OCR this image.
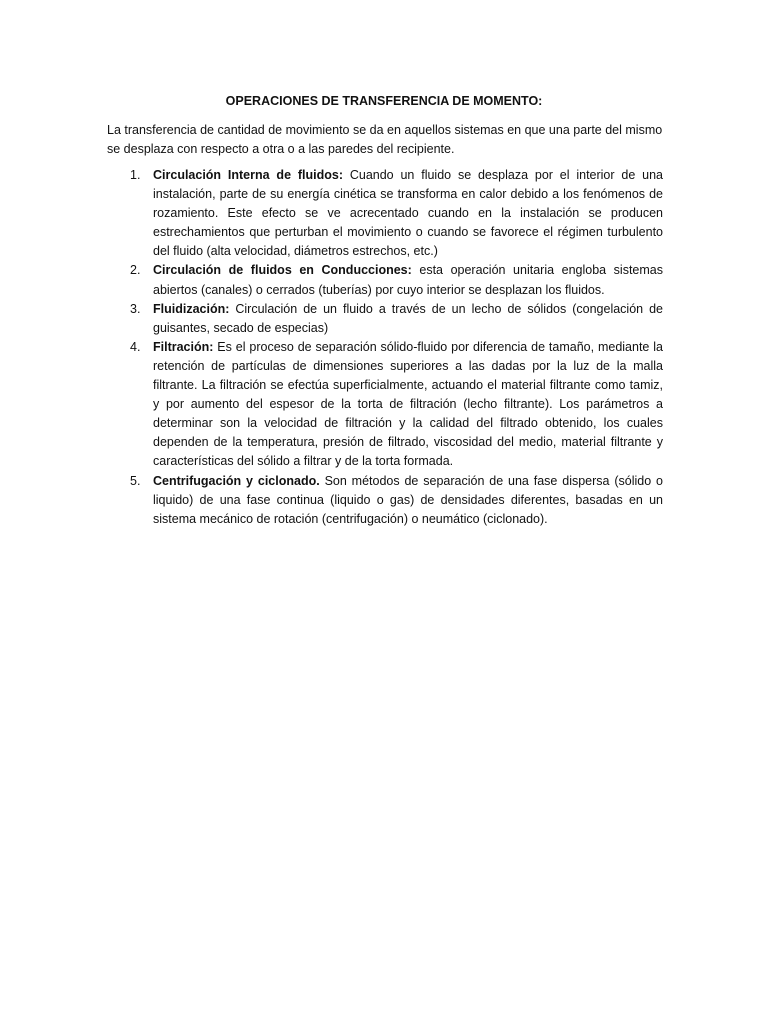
OPERACIONES DE TRANSFERENCIA DE MOMENTO:
La transferencia de cantidad de movimiento se da en aquellos sistemas en que una parte del mismo se desplaza con respecto a otra o a las paredes del recipiente.
1. Circulación Interna de fluidos: Cuando un fluido se desplaza por el interior de una instalación, parte de su energía cinética se transforma en calor debido a los fenómenos de rozamiento. Este efecto se ve acrecentado cuando en la instalación se producen estrechamientos que perturban el movimiento o cuando se favorece el régimen turbulento del fluido (alta velocidad, diámetros estrechos, etc.)
2. Circulación de fluidos en Conducciones: esta operación unitaria engloba sistemas abiertos (canales) o cerrados (tuberías) por cuyo interior se desplazan los fluidos.
3. Fluidización: Circulación de un fluido a través de un lecho de sólidos (congelación de guisantes, secado de especias)
4. Filtración: Es el proceso de separación sólido-fluido por diferencia de tamaño, mediante la retención de partículas de dimensiones superiores a las dadas por la luz de la malla filtrante. La filtración se efectúa superficialmente, actuando el material filtrante como tamiz, y por aumento del espesor de la torta de filtración (lecho filtrante). Los parámetros a determinar son la velocidad de filtración y la calidad del filtrado obtenido, los cuales dependen de la temperatura, presión de filtrado, viscosidad del medio, material filtrante y características del sólido a filtrar y de la torta formada.
5. Centrifugación y ciclonado. Son métodos de separación de una fase dispersa (sólido o liquido) de una fase continua (liquido o gas) de densidades diferentes, basadas en un sistema mecánico de rotación (centrifugación) o neumático (ciclonado).
